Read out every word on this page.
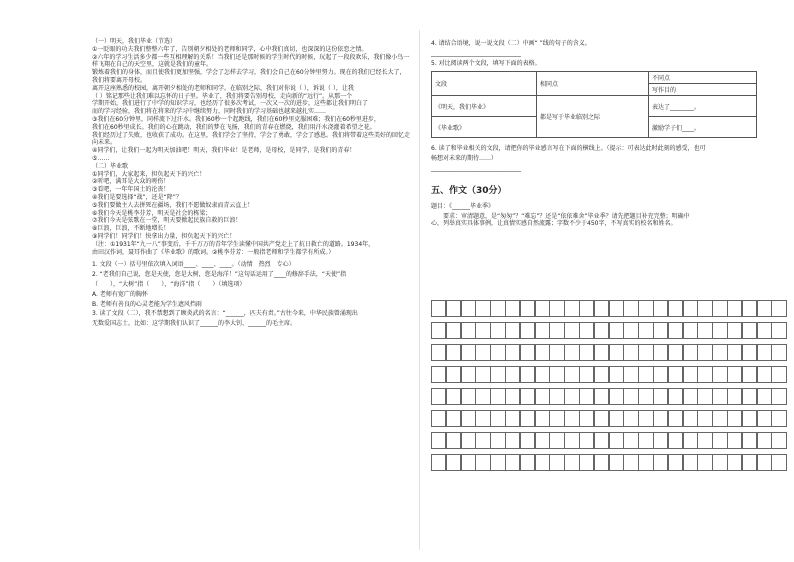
（一）明天，我们毕业（节选）
①一眨眼的功夫我们整整六年了，告别朝夕相处的老师和同学，心中我们真切，也深深的这份依恋之情。
②六年的学习生活多少都一些互相理解的关系！当我们还是那时候的学生时代的时候，玩起了一段段欢乐，我们像小鸟一样飞翔在自己的天空里，这就是我们的童年。
锻炼着我们的身体，而且使我们更加坚强，学会了怎样去学习，我们会自己在60分钟里努力。现在的我们已经长大了，我们将要离开母校。
离开这座熟悉的校园，离开朝夕相处的老师和同学。在临别之际，我们对你说（ ），诉说（ ），让我
（ ）铭记那些让我们难以忘怀的日子里。毕业了，我们将要告别母校，走向新的“远行”。从那一个
学期开始，我们进行了中学的知识学习，也经历了很多次考试，一次又一次的进步，这些都让我们明白了
而的学习经验，我们将在将来的学习中继续努力，同时我们的学习基础也越来越扎实……
③我们在60分钟里，同样流下过汗水。我们60秒一个起跑线，我们在60秒里克服困难；我们在60秒里进步，
我们在60秒里成长。我们的心在跳动，我们的梦在飞扬，我们的青春在燃烧，我们用汗水浇灌着希望之花。
我们经历过了失败，也收获了成功。在这里，我们学会了坚持，学会了勇敢，学会了感恩。我们将带着这些美好的回忆走向未来。
④同学们，让我们一起为明天加油吧！明天，我们毕业！是老师，是母校，是同学，是我们的青春！
⑤……
（二）毕业歌
①同学们，大家起来，担负起天下的兴亡！
②听吧，满耳是大众的嗟伤！
③看吧，一年年国土的沦丧！
④我们是要选择“战”，还是“降”？
⑤我们要做主人去拼死在疆场，我们不愿做奴隶而青云直上！
⑥我们今天是桃李芬芳，明天是社会的栋梁；
⑦我们今天是弦歌在一堂，明天要掀起民族自救的巨浪！
⑧巨浪，巨浪，不断地增长！
⑨同学们！同学们！快拿出力量，担负起天下的兴亡！
（注：①1931年“九一八”事变后，千千万万的青年学生读懂中国共产党走上了抗日救亡的道路。1934年，
由田汉作词，聂耳作曲了《毕业歌》的歌词。②桃李芬芳：一般指老师和学生都学有所成。）
1. 文段（一）括号里依次填入词语____、____、____。（动情　热烈　专心）
2. “老我们自己说，您是天使，您是大树，您是海洋！”这句话运用了____的修辞手法，“天使”指
（　　），“大树”指（　　），“海洋”指（　　）（填选项）
A. 老师有宽广的胸怀
B. 老师有善良的心灵老能为学生遮风挡雨
3. 读了文段（二），我不禁想到了顾炎武的名言：“______，匹夫有责。”古往今来，中华民族曾涌现出
无数爱国志士，比如：这学期我们认识了______的李大钊、______的毛主席。
4. 请结合语境，说一说文段（二）中画“ ”线的句子的含义。
______________________________
5. 对比阅读两个文段，填写下面的表格。
文段	相同点	不同点
		写作目的
《明天，我们毕业》	都是写于毕业临别之际	表达了________。
《毕业歌》		激励学子们____。
6. 读了和毕业相关的文段，请把你的毕业感言写在下面的横线上。（提示：可表达此时此刻的感受，也可
畅想对未来的期待……）
______________________________
五、作文（30分）
题目：《______毕业季》
　　要求：审清题意，是“匆匆”？“难忘”？还是“依依难舍”毕业季？请先把题目补充完整；明确中
心，列举真实具体事例，让真情实感自然流露；字数不少于450字，不写真实的校名和姓名。
